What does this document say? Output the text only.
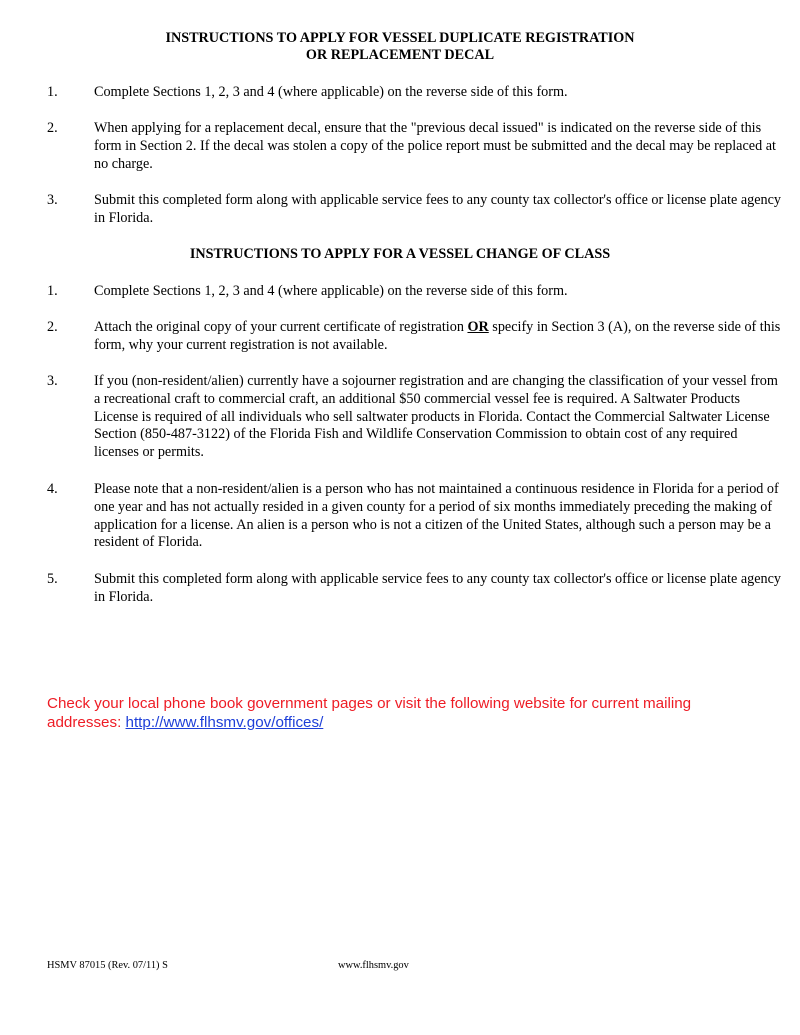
INSTRUCTIONS TO APPLY FOR VESSEL DUPLICATE REGISTRATION
OR REPLACEMENT DECAL
1.	Complete Sections 1, 2, 3 and 4 (where applicable) on the reverse side of this form.
2.	When applying for a replacement decal, ensure that the "previous decal issued" is indicated on the reverse side of this form in Section 2. If the decal was stolen a copy of the police report must be submitted and the decal may be replaced at no charge.
3.	Submit this completed form along with applicable service fees to any county tax collector's office or license plate agency in Florida.
INSTRUCTIONS TO APPLY FOR A VESSEL CHANGE OF CLASS
1.	Complete Sections 1, 2, 3 and 4 (where applicable) on the reverse side of this form.
2.	Attach the original copy of your current certificate of registration OR specify in Section 3 (A), on the reverse side of this form, why your current registration is not available.
3.	If you (non-resident/alien) currently have a sojourner registration and are changing the classification of your vessel from a recreational craft to commercial craft, an additional $50 commercial vessel fee is required. A Saltwater Products License is required of all individuals who sell saltwater products in Florida. Contact the Commercial Saltwater License Section (850-487-3122) of the Florida Fish and Wildlife Conservation Commission to obtain cost of any required licenses or permits.
4.	Please note that a non-resident/alien is a person who has not maintained a continuous residence in Florida for a period of one year and has not actually resided in a given county for a period of six months immediately preceding the making of application for a license. An alien is a person who is not a citizen of the United States, although such a person may be a resident of Florida.
5.	Submit this completed form along with applicable service fees to any county tax collector's office or license plate agency in Florida.
Check your local phone book government pages or visit the following website for current mailing addresses: http://www.flhsmv.gov/offices/
HSMV 87015 (Rev. 07/11) S	www.flhsmv.gov
